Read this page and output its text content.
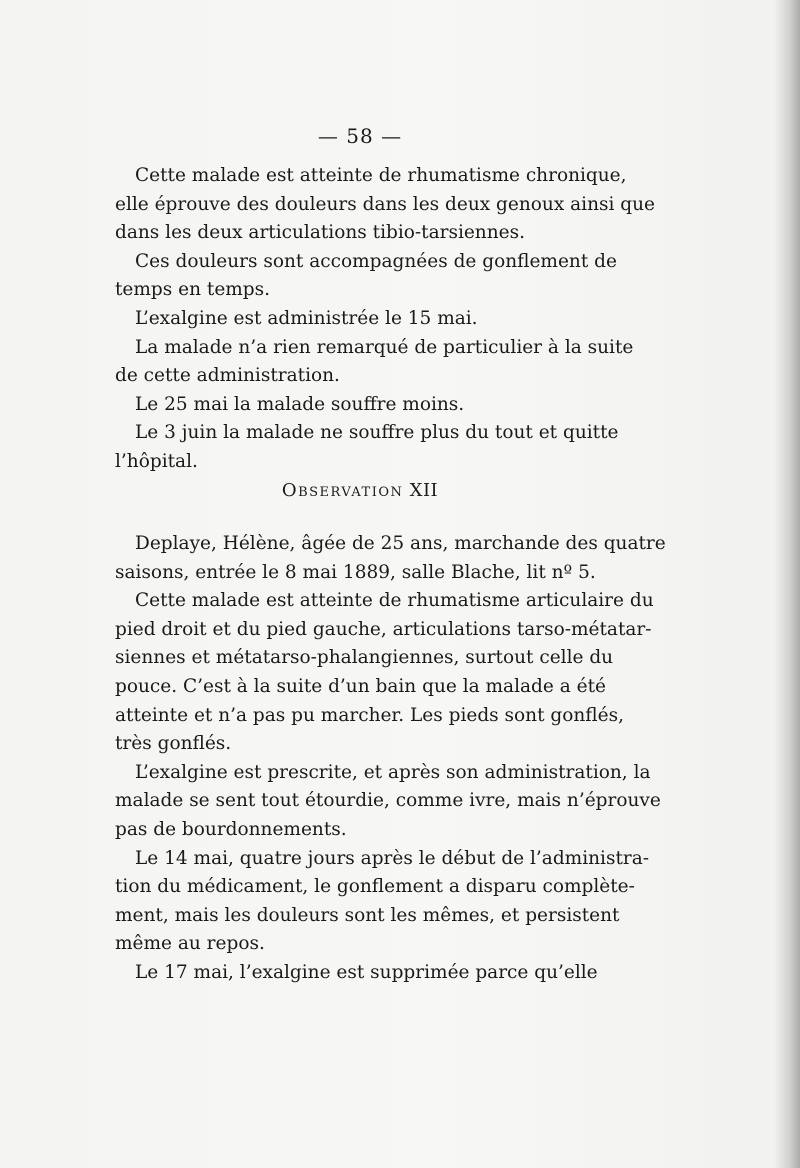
— 58 —
Cette malade est atteinte de rhumatisme chronique,
elle éprouve des douleurs dans les deux genoux ainsi que
dans les deux articulations tibio-tarsiennes.
Ces douleurs sont accompagnées de gonflement de
temps en temps.
L’exalgine est administrée le 15 mai.
La malade n’a rien remarqué de particulier à la suite
de cette administration.
Le 25 mai la malade souffre moins.
Le 3 juin la malade ne souffre plus du tout et quitte
l’hôpital.
Observation XII
Deplaye, Hélène, âgée de 25 ans, marchande des quatre
saisons, entrée le 8 mai 1889, salle Blache, lit nº 5.
Cette malade est atteinte de rhumatisme articulaire du
pied droit et du pied gauche, articulations tarso-métatar-
siennes et métatarso-phalangiennes, surtout celle du
pouce. C’est à la suite d’un bain que la malade a été
atteinte et n’a pas pu marcher. Les pieds sont gonflés,
très gonflés.
L’exalgine est prescrite, et après son administration, la
malade se sent tout étourdie, comme ivre, mais n’éprouve
pas de bourdonnements.
Le 14 mai, quatre jours après le début de l’administra-
tion du médicament, le gonflement a disparu complète-
ment, mais les douleurs sont les mêmes, et persistent
même au repos.
Le 17 mai, l’exalgine est supprimée parce qu’elle
